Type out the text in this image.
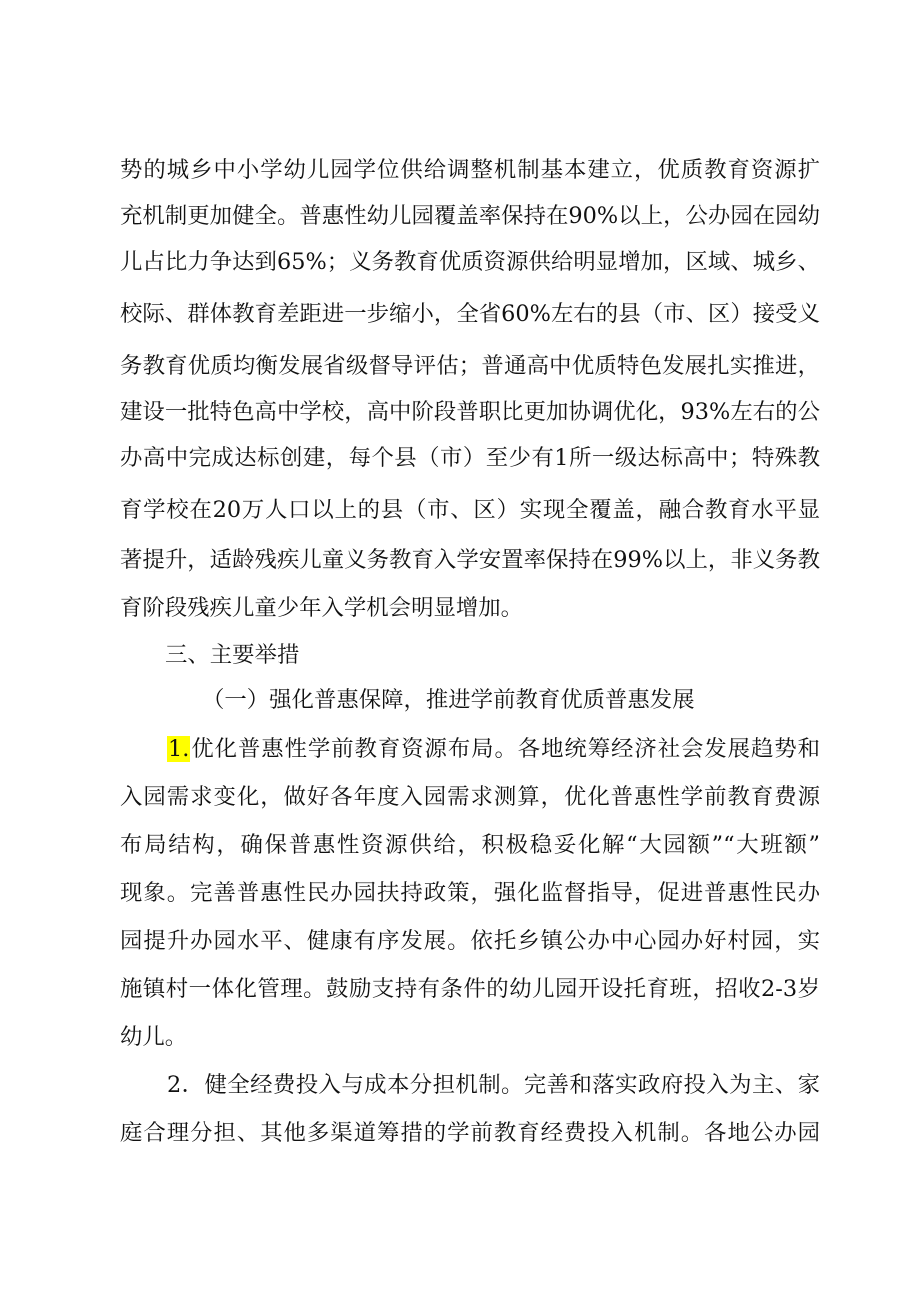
势的城乡中小学幼儿园学位供给调整机制基本建立，优质教育资源扩
充机制更加健全。普惠性幼儿园覆盖率保持在90%以上，公办园在园幼
儿占比力争达到65%；义务教育优质资源供给明显增加，区域、城乡、
校际、群体教育差距进一步缩小，全省60%左右的县（市、区）接受义
务教育优质均衡发展省级督导评估；普通高中优质特色发展扎实推进，
建设一批特色高中学校，高中阶段普职比更加协调优化，93%左右的公
办高中完成达标创建，每个县（市）至少有1所一级达标高中；特殊教
育学校在20万人口以上的县（市、区）实现全覆盖，融合教育水平显
著提升，适龄残疾儿童义务教育入学安置率保持在99%以上，非义务教
育阶段残疾儿童少年入学机会明显增加。
三、主要举措
（一）强化普惠保障，推进学前教育优质普惠发展
1.优化普惠性学前教育资源布局。各地统筹经济社会发展趋势和
入园需求变化，做好各年度入园需求测算，优化普惠性学前教育费源
布局结构，确保普惠性资源供给，积极稳妥化解“大园额”“大班额”
现象。完善普惠性民办园扶持政策，强化监督指导，促进普惠性民办
园提升办园水平、健康有序发展。依托乡镇公办中心园办好村园，实
施镇村一体化管理。鼓励支持有条件的幼儿园开设托育班，招收2-3岁
幼儿。
2．健全经费投入与成本分担机制。完善和落实政府投入为主、家
庭合理分担、其他多渠道筹措的学前教育经费投入机制。各地公办园
